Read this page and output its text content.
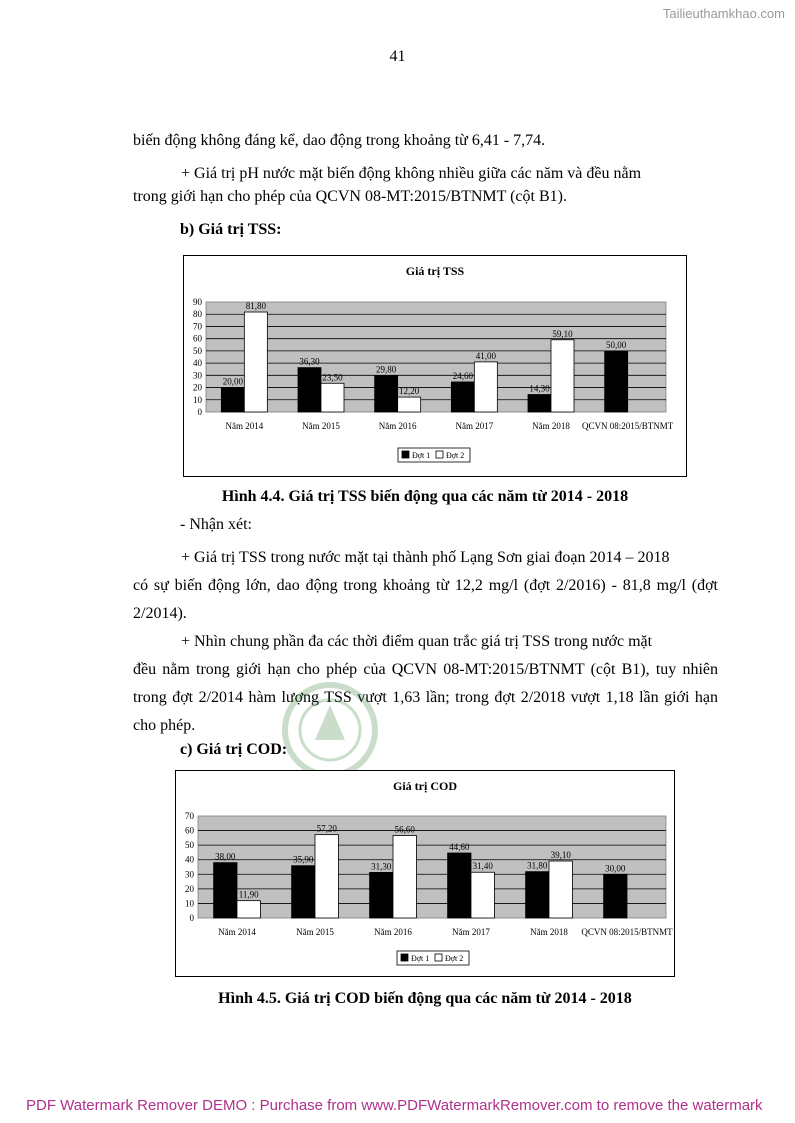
Tailieuthamkhao.com
41

biến động không đáng kể, dao động trong khoảng từ 6,41 - 7,74.

+ Giá trị pH nước mặt biến động không nhiều giữa các năm và đều nằm

trong giới hạn cho phép của QCVN 08-MT:2015/BTNMT (cột B1).

b) Giá trị TSS:
Giá trị TSS
0
10
20
30
40
50
60
70
80
90
20,00
81,80
Năm 2014
36,30
23,50
Năm 2015
29,80
12,20
Năm 2016
24,60
41,00
Năm 2017
14,30
59,10
Năm 2018
50,00
QCVN 08:2015/BTNMT
Đợt 1 Đợt 2
Hình 4.4. Giá trị TSS biến động qua các năm từ 2014 - 2018

- Nhận xét:

+ Giá trị TSS trong nước mặt tại thành phố Lạng Sơn giai đoạn 2014 – 2018

có sự biến động lớn, dao động trong khoảng từ 12,2 mg/l (đợt 2/2016) - 81,8 mg/l (đợt 2/2014).

+ Nhìn chung phần đa các thời điểm quan trắc giá trị TSS trong nước mặt

đều nằm trong giới hạn cho phép của QCVN 08-MT:2015/BTNMT (cột B1), tuy nhiên trong đợt 2/2014 hàm lượng TSS vượt 1,63 lần; trong đợt 2/2018 vượt 1,18 lần giới hạn cho phép.

c) Giá trị COD:
Giá trị COD
0
10
20
30
40
50
60
70
38,00
11,90
Năm 2014
35,90
57,20
Năm 2015
31,30
56,60
Năm 2016
44,60
31,40
Năm 2017
31,80
39,10
Năm 2018
30,00
QCVN 08:2015/BTNMT
Đợt 1 Đợt 2
Hình 4.5. Giá trị COD biến động qua các năm từ 2014 - 2018
PDF Watermark Remover DEMO : Purchase from www.PDFWatermarkRemover.com to remove the watermark
